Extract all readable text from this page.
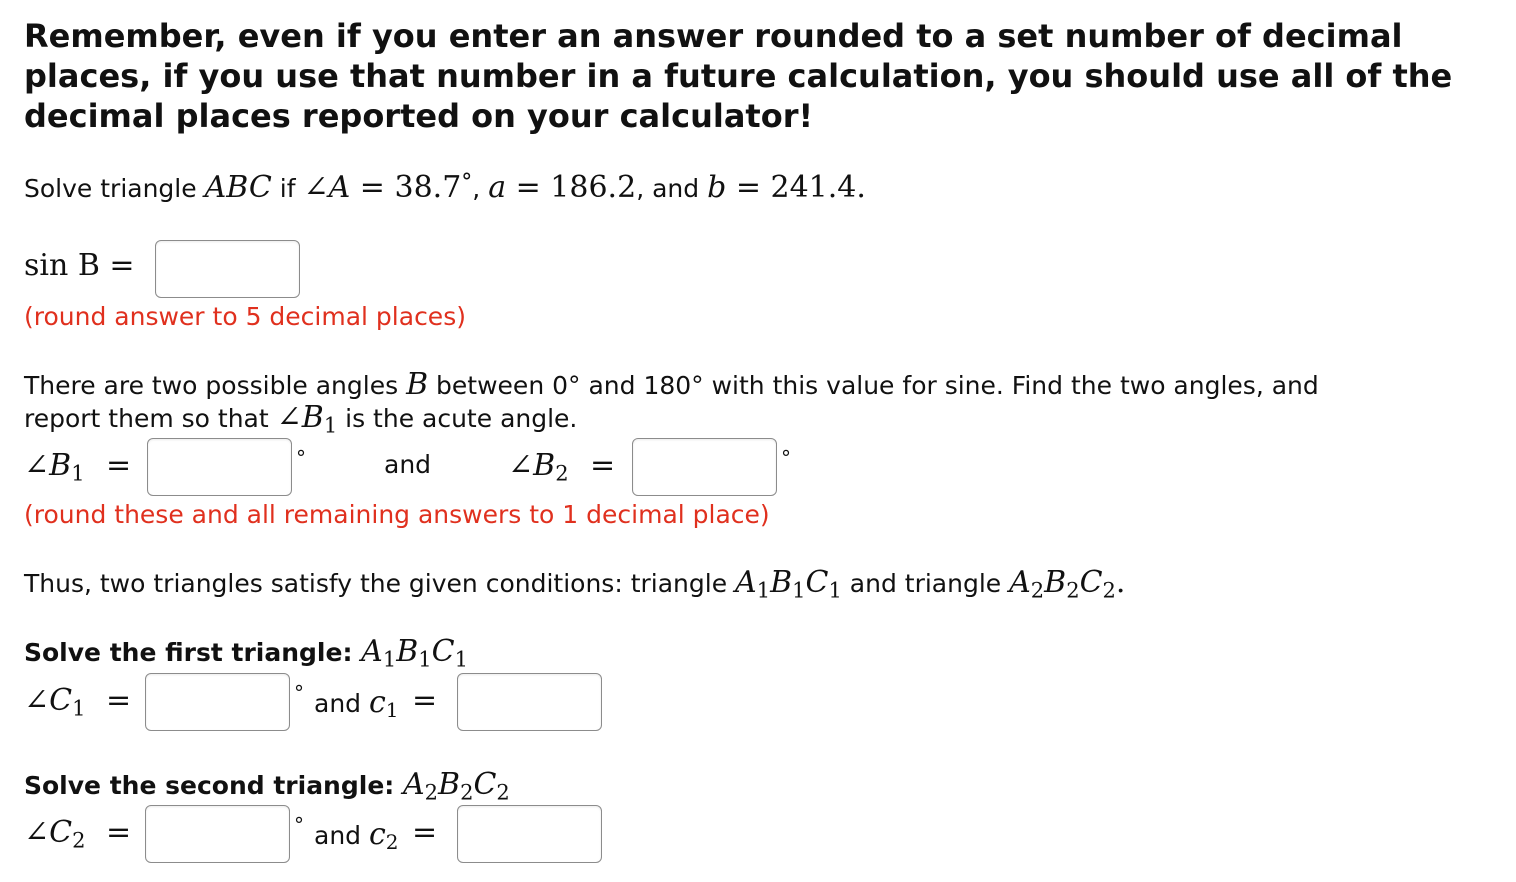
Remember, even if you enter an answer rounded to a set number of decimal places, if you use that number in a future calculation, you should use all of the decimal places reported on your calculator!
Solve triangle ABC if ∠A = 38.7°, a = 186.2, and b = 241.4.
sin B =
(round answer to 5 decimal places)
There are two possible angles B between 0° and 180° with this value for sine. Find the two angles, and
report them so that $\angle B_1$ is the acute angle.
$\angle B_1$ =	°	and	$\angle B_2$ =	°
(round these and all remaining answers to 1 decimal place)
Thus, two triangles satisfy the given conditions: triangle $A_1B_1C_1$ and triangle $A_2B_2C_2$.
Solve the first triangle: $A_1B_1C_1$
$\angle C_1$ =	° and $c_1$ =
Solve the second triangle: $A_2B_2C_2$
$\angle C_2$ =	° and $c_2$ =
